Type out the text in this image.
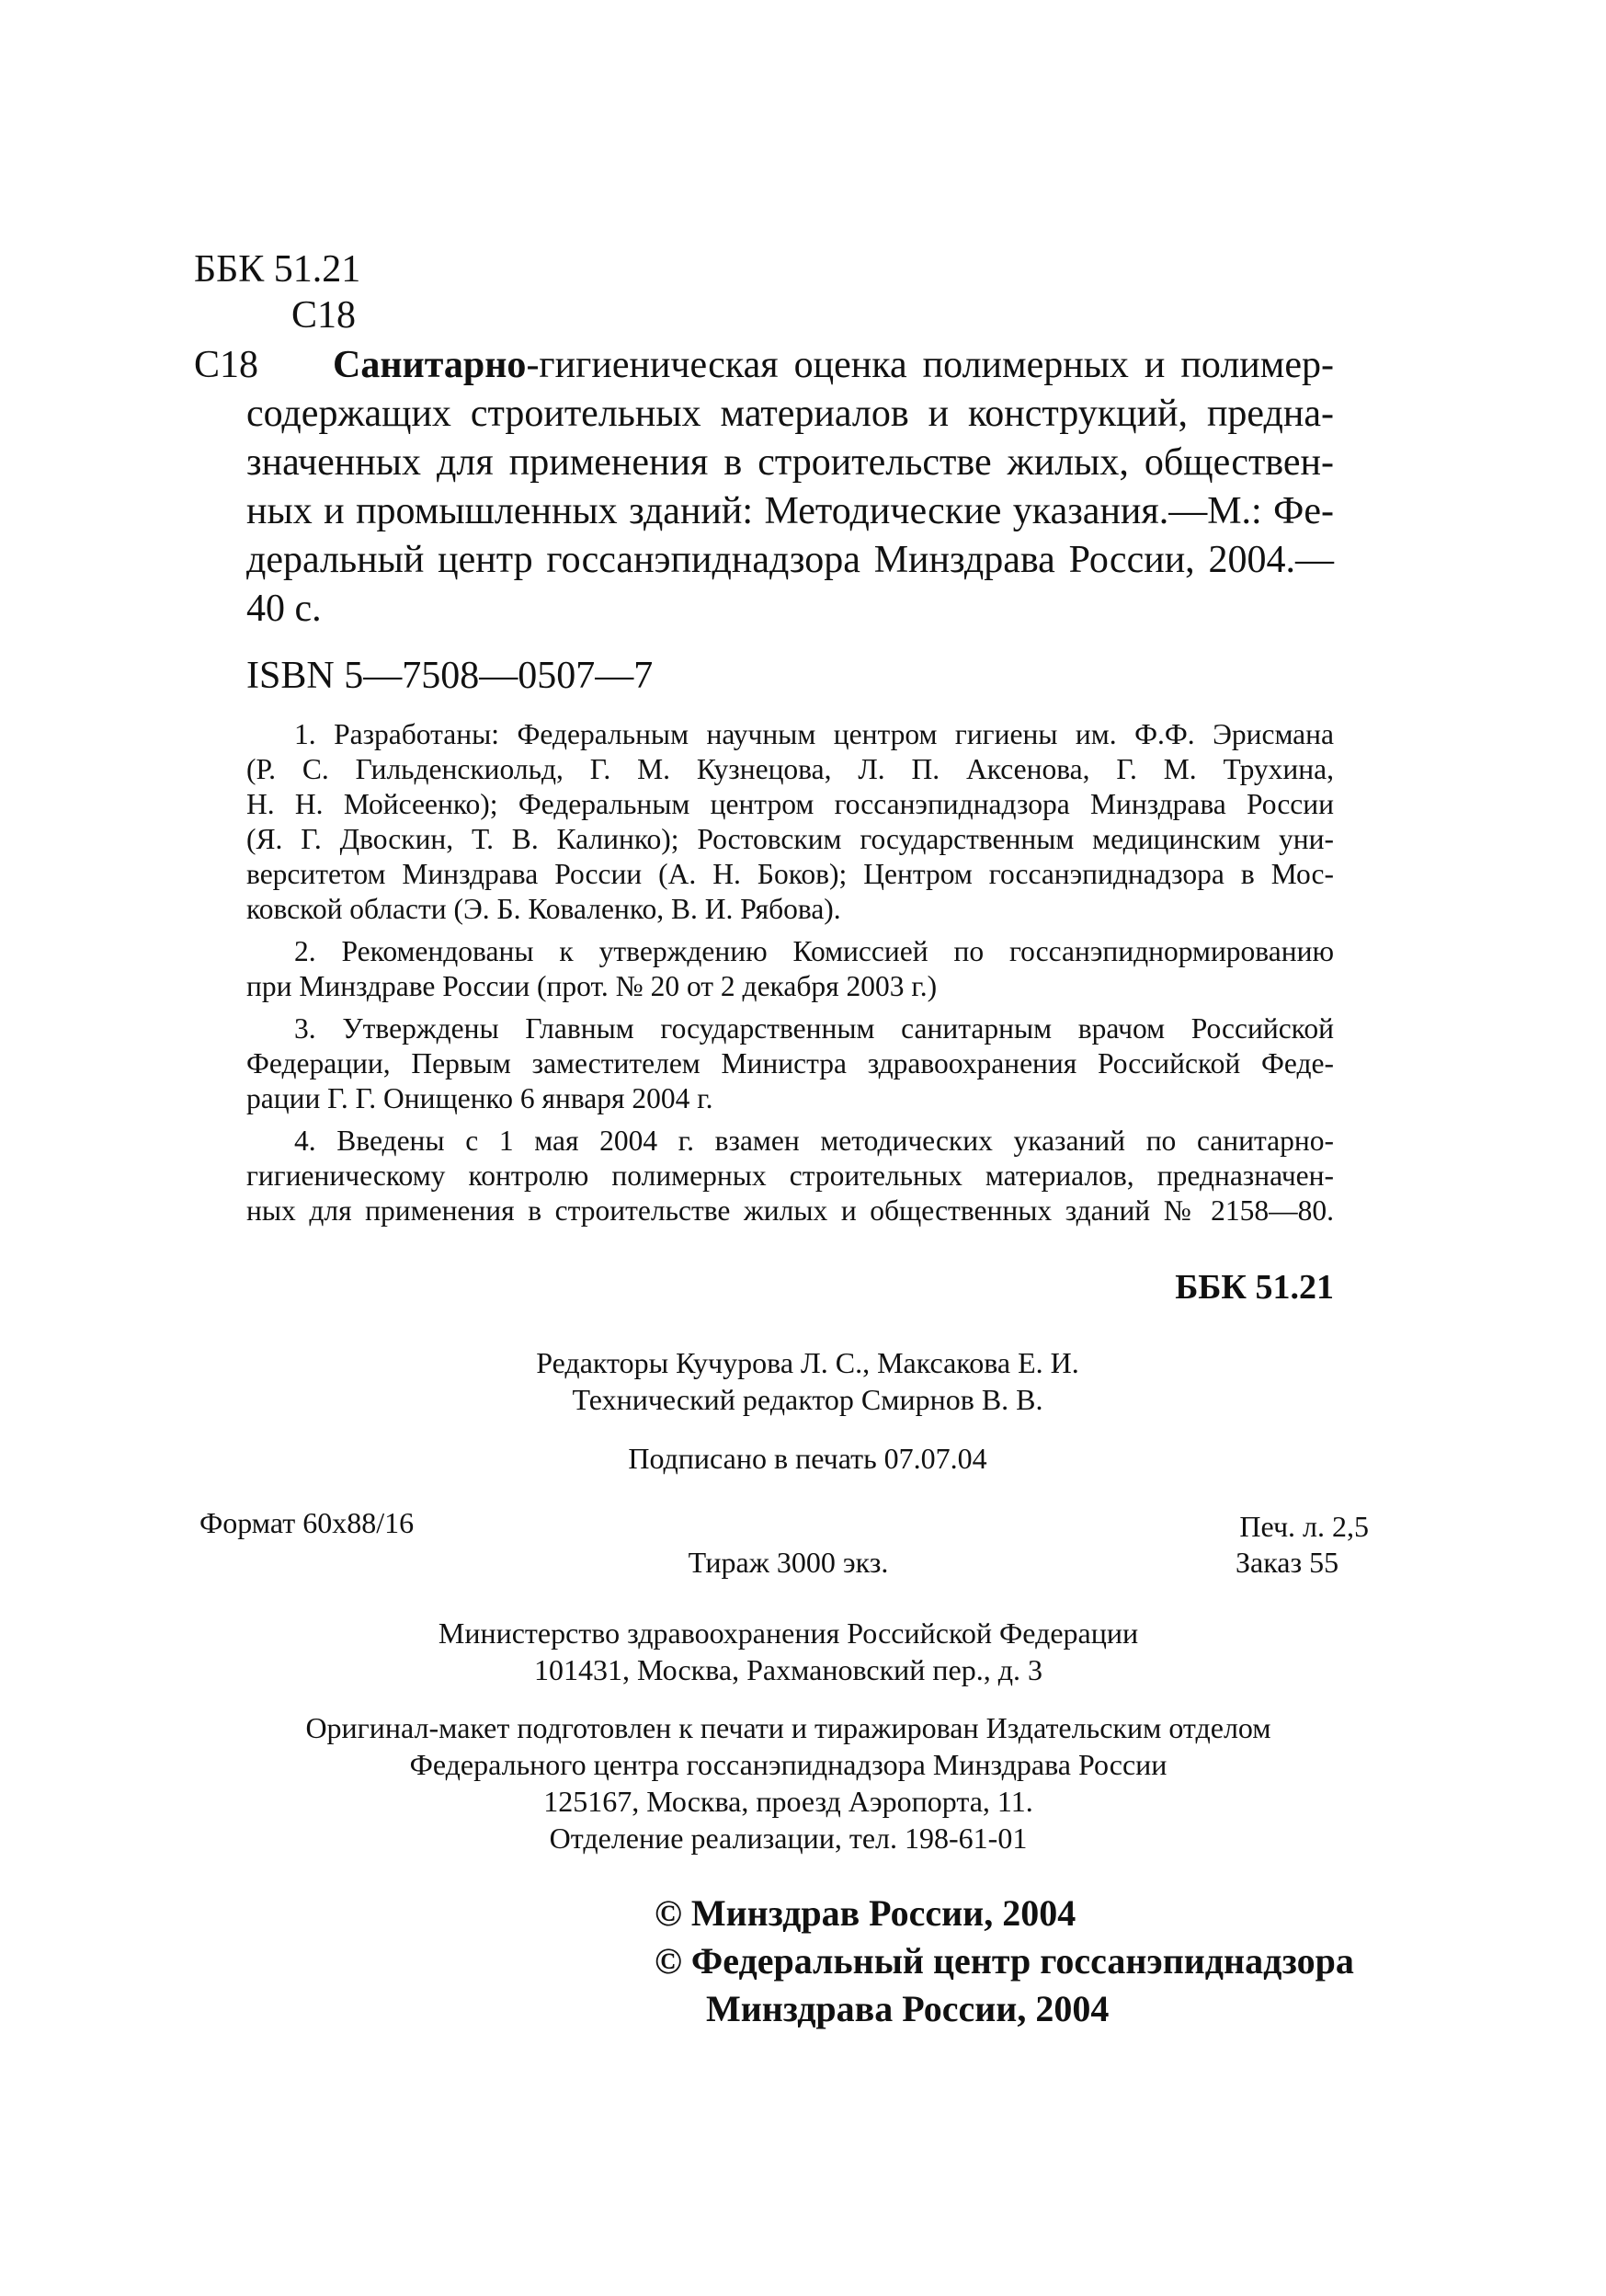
ББК 51.21
С18
С18 Санитарно-гигиеническая оценка полимерных и полимер-
содержащих строительных материалов и конструкций, предна-
значенных для применения в строительстве жилых, обществен-
ных и промышленных зданий: Методические указания.—М.: Фе-
деральный центр госсанэпиднадзора Минздрава России, 2004.—
40 с.
ISBN 5—7508—0507—7
1. Разработаны: Федеральным научным центром гигиены им. Ф.Ф. Эрисмана
(Р. С. Гильденскиольд, Г. М. Кузнецова, Л. П. Аксенова, Г. М. Трухина,
Н. Н. Мойсеенко); Федеральным центром госсанэпиднадзора Минздрава России
(Я. Г. Двоскин, Т. В. Калинко); Ростовским государственным медицинским уни-
верситетом Минздрава России (А. Н. Боков); Центром госсанэпиднадзора в Мос-
ковской области (Э. Б. Коваленко, В. И. Рябова).
2. Рекомендованы к утверждению Комиссией по госсанэпиднормированию
при Минздраве России (прот. № 20 от 2 декабря 2003 г.)
3. Утверждены Главным государственным санитарным врачом Российской
Федерации, Первым заместителем Министра здравоохранения Российской Феде-
рации Г. Г. Онищенко 6 января 2004 г.
4. Введены с 1 мая 2004 г. взамен методических указаний по санитарно-
гигиеническому контролю полимерных строительных материалов, предназначен-
ных для применения в строительстве жилых и общественных зданий № 2158—80.
ББК 51.21
Редакторы Кучурова Л. С., Максакова Е. И.
Технический редактор Смирнов В. В.
Подписано в печать 07.07.04
Формат 60x88/16	Печ. л. 2,5
Тираж 3000 экз.	Заказ 55
Министерство здравоохранения Российской Федерации
101431, Москва, Рахмановский пер., д. 3
Оригинал-макет подготовлен к печати и тиражирован Издательским отделом
Федерального центра госсанэпиднадзора Минздрава России
125167, Москва, проезд Аэропорта, 11.
Отделение реализации, тел. 198-61-01
© Минздрав России, 2004
© Федеральный центр госсанэпиднадзора
Минздрава России, 2004
